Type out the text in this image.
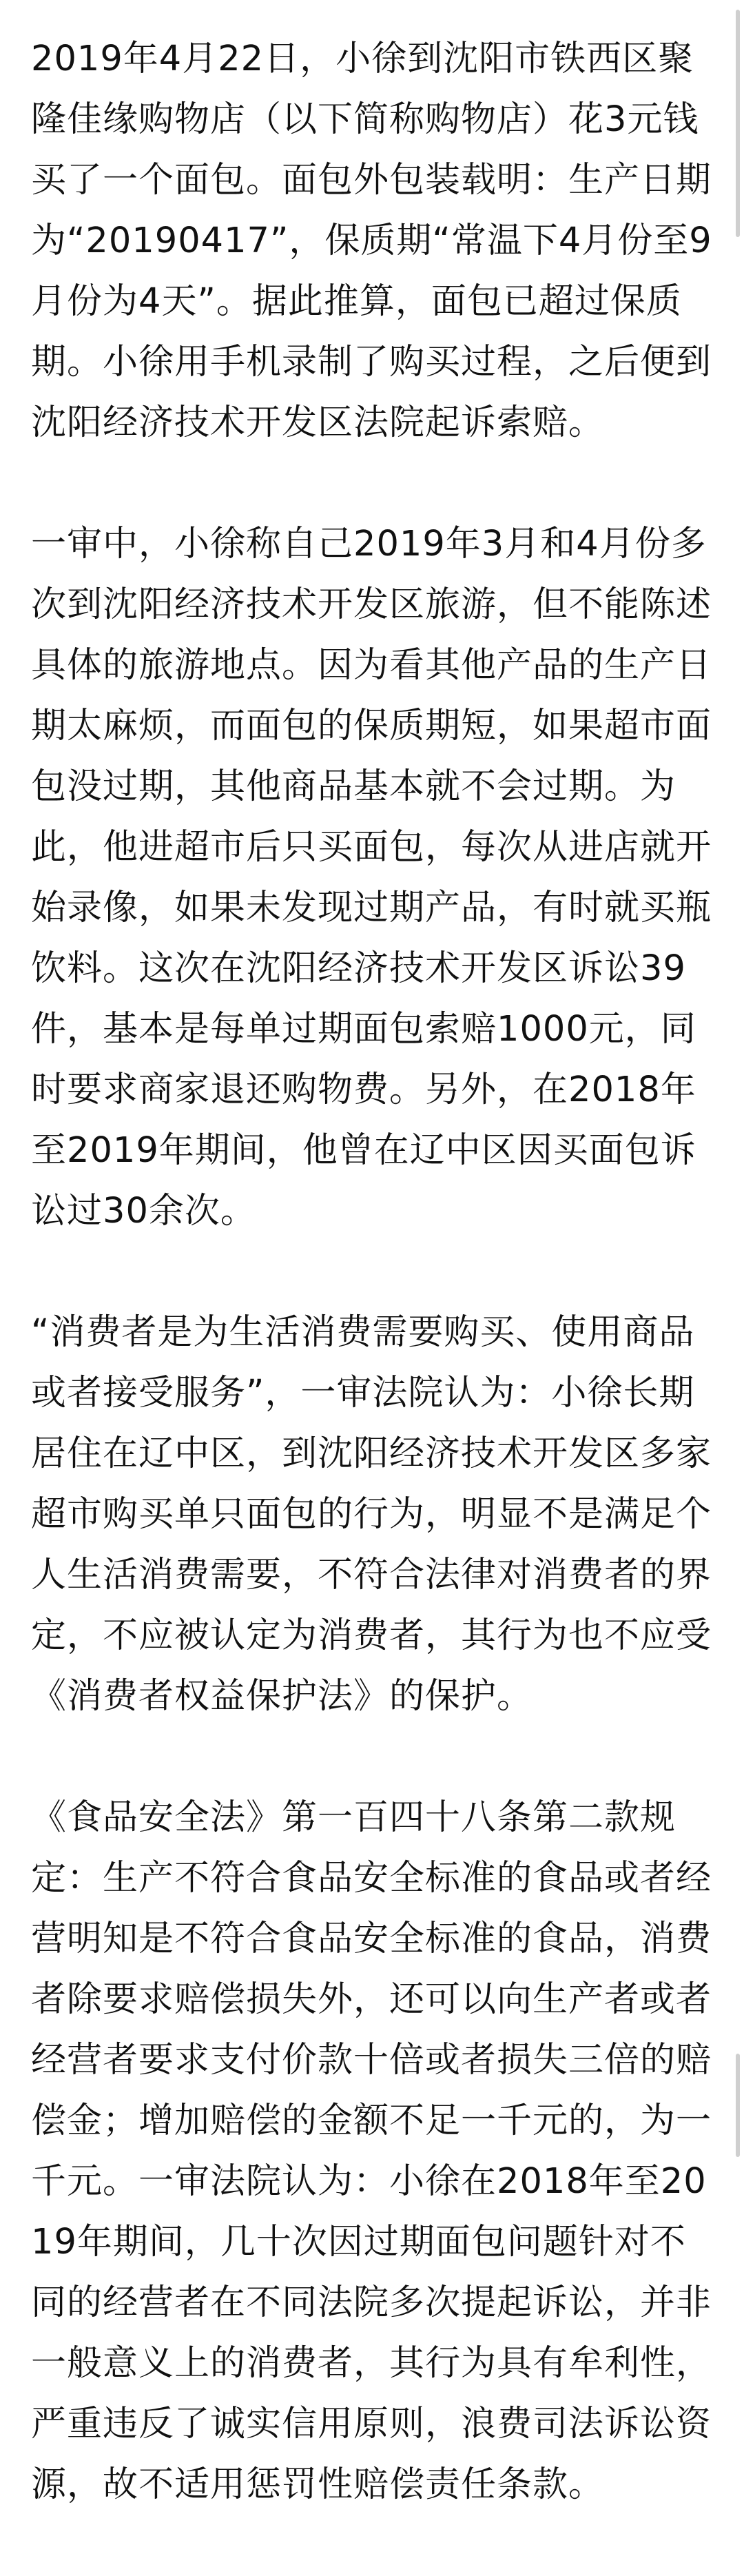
2019年4月22日，小徐到沈阳市铁西区聚隆佳缘购物店（以下简称购物店）花3元钱买了一个面包。面包外包装载明：生产日期为“20190417”，保质期“常温下4月份至9月份为4天”。据此推算，面包已超过保质期。小徐用手机录制了购买过程，之后便到沈阳经济技术开发区法院起诉索赔。

一审中，小徐称自己2019年3月和4月份多次到沈阳经济技术开发区旅游，但不能陈述具体的旅游地点。因为看其他产品的生产日期太麻烦，而面包的保质期短，如果超市面包没过期，其他商品基本就不会过期。为此，他进超市后只买面包，每次从进店就开始录像，如果未发现过期产品，有时就买瓶饮料。这次在沈阳经济技术开发区诉讼39件，基本是每单过期面包索赔1000元，同时要求商家退还购物费。另外，在2018年至2019年期间，他曾在辽中区因买面包诉讼过30余次。

“消费者是为生活消费需要购买、使用商品或者接受服务”，一审法院认为：小徐长期居住在辽中区，到沈阳经济技术开发区多家超市购买单只面包的行为，明显不是满足个人生活消费需要，不符合法律对消费者的界定，不应被认定为消费者，其行为也不应受《消费者权益保护法》的保护。

《食品安全法》第一百四十八条第二款规定：生产不符合食品安全标准的食品或者经营明知是不符合食品安全标准的食品，消费者除要求赔偿损失外，还可以向生产者或者经营者要求支付价款十倍或者损失三倍的赔偿金；增加赔偿的金额不足一千元的，为一千元。一审法院认为：小徐在2018年至2019年期间，几十次因过期面包问题针对不同的经营者在不同法院多次提起诉讼，并非一般意义上的消费者，其行为具有牟利性，严重违反了诚实信用原则，浪费司法诉讼资源，故不适用惩罚性赔偿责任条款。
